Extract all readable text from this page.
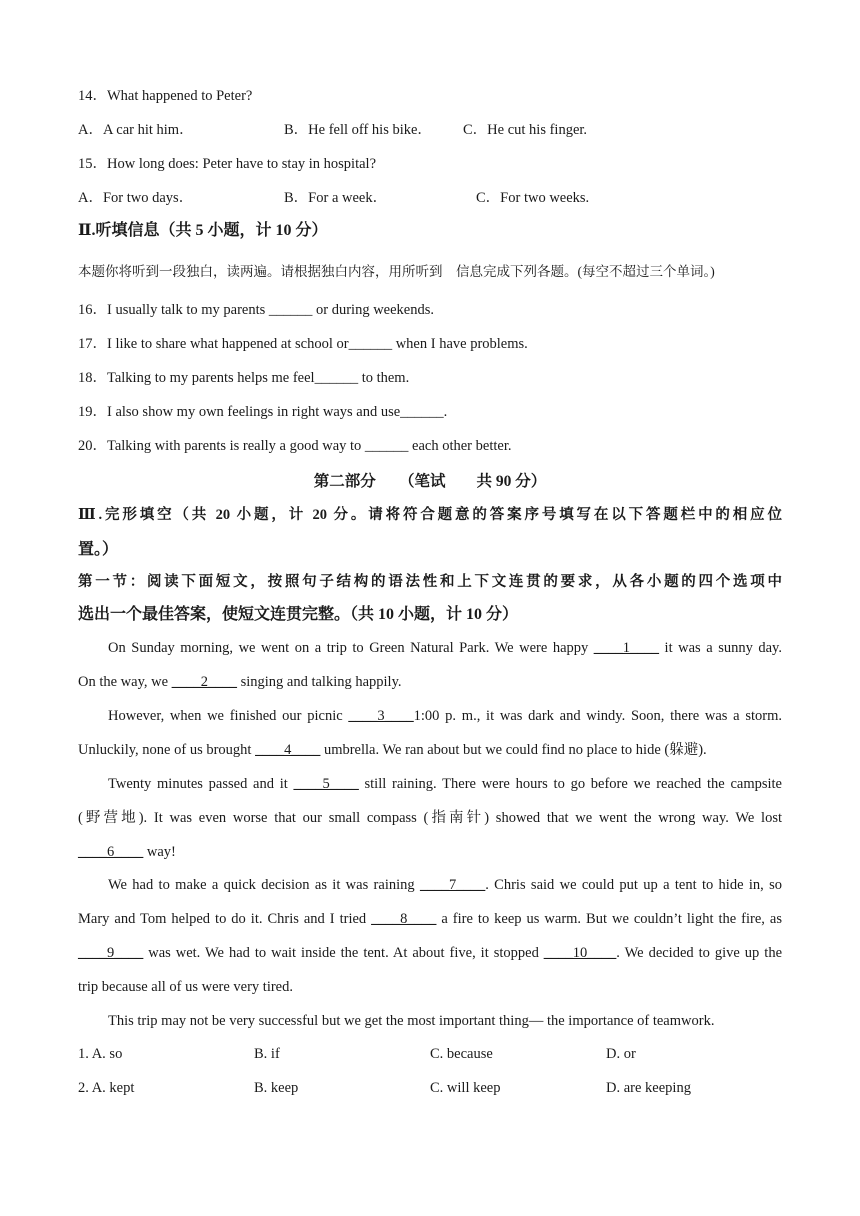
14．What happened to Peter?
A．A car hit him．	B．He fell off his bike． C．He cut his finger.
15．How long does: Peter have to stay in hospital?
A．For two days．	B．For a week．	C．For two weeks.
Ⅱ.听填信息（共 5 小题，计 10 分）
本题你将听到一段独白，读两遍。请根据独白内容，用所听到　信息完成下列各题。(每空不超过三个单词。)
16．I usually talk to my parents ______ or during weekends.
17．I like to share what happened at school or______ when I have problems.
18．Talking to my parents helps me feel______ to them.
19．I also show my own feelings in right ways and use______.
20．Talking with parents is really a good way to ______ each other better.
第二部分　　（笔试　　共 90 分）
Ⅲ.完形填空（共 20 小题，计 20 分。请将符合题意的答案序号填写在以下答题栏中的相应位
置。）
第一节：阅读下面短文，按照句子结构的语法性和上下文连贯的要求，从各小题的四个选项中
选出一个最佳答案，使短文连贯完整。（共 10 小题，计 10 分）
On Sunday morning, we went on a trip to Green Natural Park. We were happy ____1____ it was a sunny day.
On the way, we ____2____ singing and talking happily.
However, when we finished our picnic ____3____1:00 p. m., it was dark and windy. Soon, there was a storm.
Unluckily, none of us brought ____4____ umbrella. We ran about but we could find no place to hide (躲避).
Twenty minutes passed and it ____5____ still raining. There were hours to go before we reached the campsite
(野营地). It was even worse that our small compass (指南针) showed that we went the wrong way. We lost
____6____ way!
We had to make a quick decision as it was raining ____7____. Chris said we could put up a tent to hide in, so
Mary and Tom helped to do it. Chris and I tried ____8____ a fire to keep us warm. But we couldn’t light the fire, as
____9____ was wet. We had to wait inside the tent. At about five, it stopped ____10____. We decided to give up the
trip because all of us were very tired.
This trip may not be very successful but we get the most important thing— the importance of teamwork.
1. A. so	B. if	C. because	D. or
2. A. kept	B. keep	C. will keep	D. are keeping
